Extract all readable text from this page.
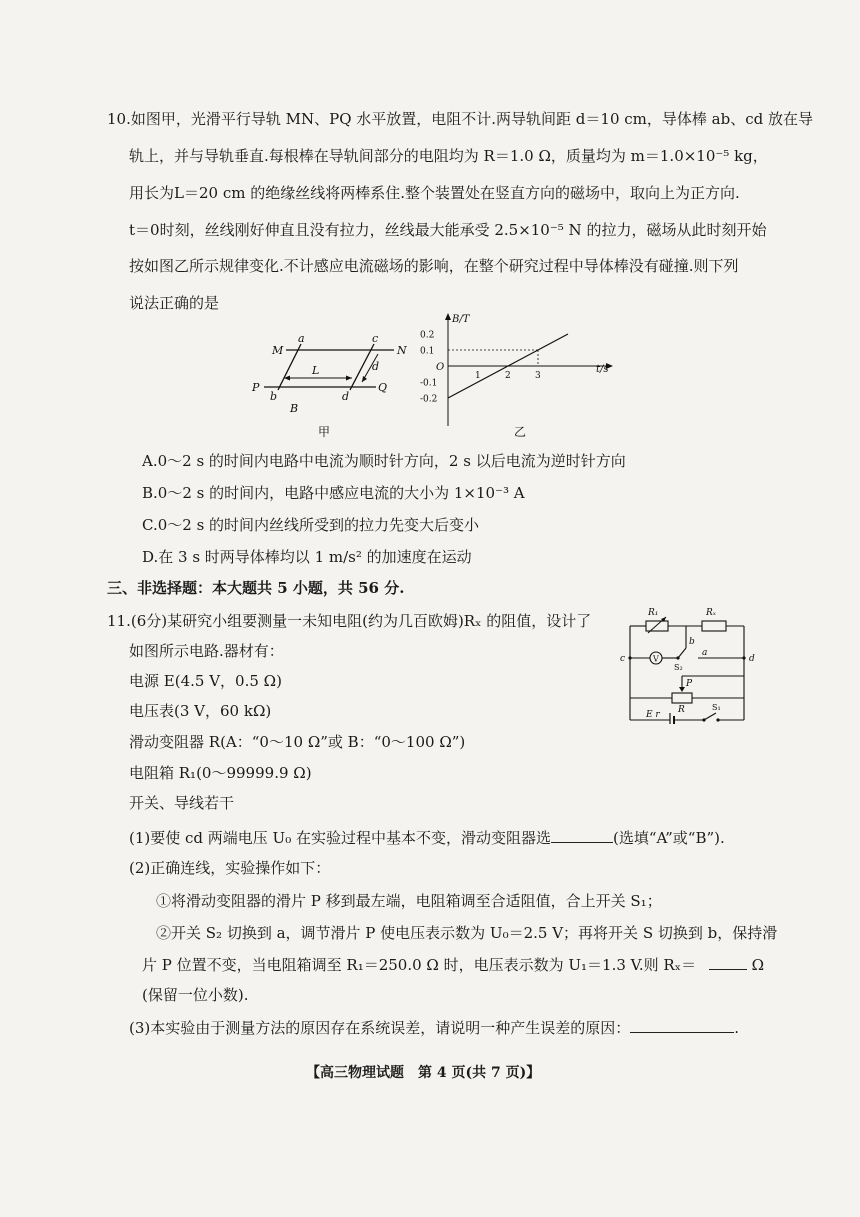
10.如图甲，光滑平行导轨 MN、PQ 水平放置，电阻不计.两导轨间距 d＝10 cm，导体棒 ab、cd 放在导
轨上，并与导轨垂直.每根棒在导轨间部分的电阻均为 R＝1.0 Ω，质量均为 m＝1.0×10⁻⁵ kg，
用长为L＝20 cm 的绝缘丝线将两棒系住.整个装置处在竖直方向的磁场中，取向上为正方向.
t＝0时刻，丝线刚好伸直且没有拉力，丝线最大能承受 2.5×10⁻⁵ N 的拉力，磁场从此时刻开始
按如图乙所示规律变化.不计感应电流磁场的影响，在整个研究过程中导体棒没有碰撞.则下列
说法正确的是
M	N
P	Q
a	c
b	d
d
L
B
甲
0.2
0.1
-0.1
-0.2
1	2	3
B/T
t/s
O
乙
A.0～2 s 的时间内电路中电流为顺时针方向，2 s 以后电流为逆时针方向
B.0～2 s 的时间内，电路中感应电流的大小为 1×10⁻³ A
C.0～2 s 的时间内丝线所受到的拉力先变大后变小
D.在 3 s 时两导体棒均以 1 m/s² 的加速度在运动
三、非选择题：本大题共 5 小题，共 56 分.
11.(6分)某研究小组要测量一未知电阻(约为几百欧姆)Rₓ 的阻值，设计了
如图所示电路.器材有：
电源 E(4.5 V，0.5 Ω)
电压表(3 V，60 kΩ)
滑动变阻器 R(A：“0～10 Ω”或 B：“0～100 Ω”)
电阻箱 R₁(0～99999.9 Ω)
开关、导线若干
V
R₁	Rₓ
b
c
S₂
a
d
P
R
E r
S₁
(1)要使 cd 两端电压 U₀ 在实验过程中基本不变，滑动变阻器选	(选填“A”或“B”).
(2)正确连线，实验操作如下：
①将滑动变阻器的滑片 P 移到最左端，电阻箱调至合适阻值，合上开关 S₁；
②开关 S₂ 切换到 a，调节滑片 P 使电压表示数为 U₀＝2.5 V；再将开关 S 切换到 b，保持滑
片 P 位置不变，当电阻箱调至 R₁＝250.0 Ω 时，电压表示数为 U₁＝1.3 V.则 Rₓ＝	Ω
(保留一位小数).
(3)本实验由于测量方法的原因存在系统误差，请说明一种产生误差的原因：	.
【高三物理试题　第 4 页(共 7 页)】
